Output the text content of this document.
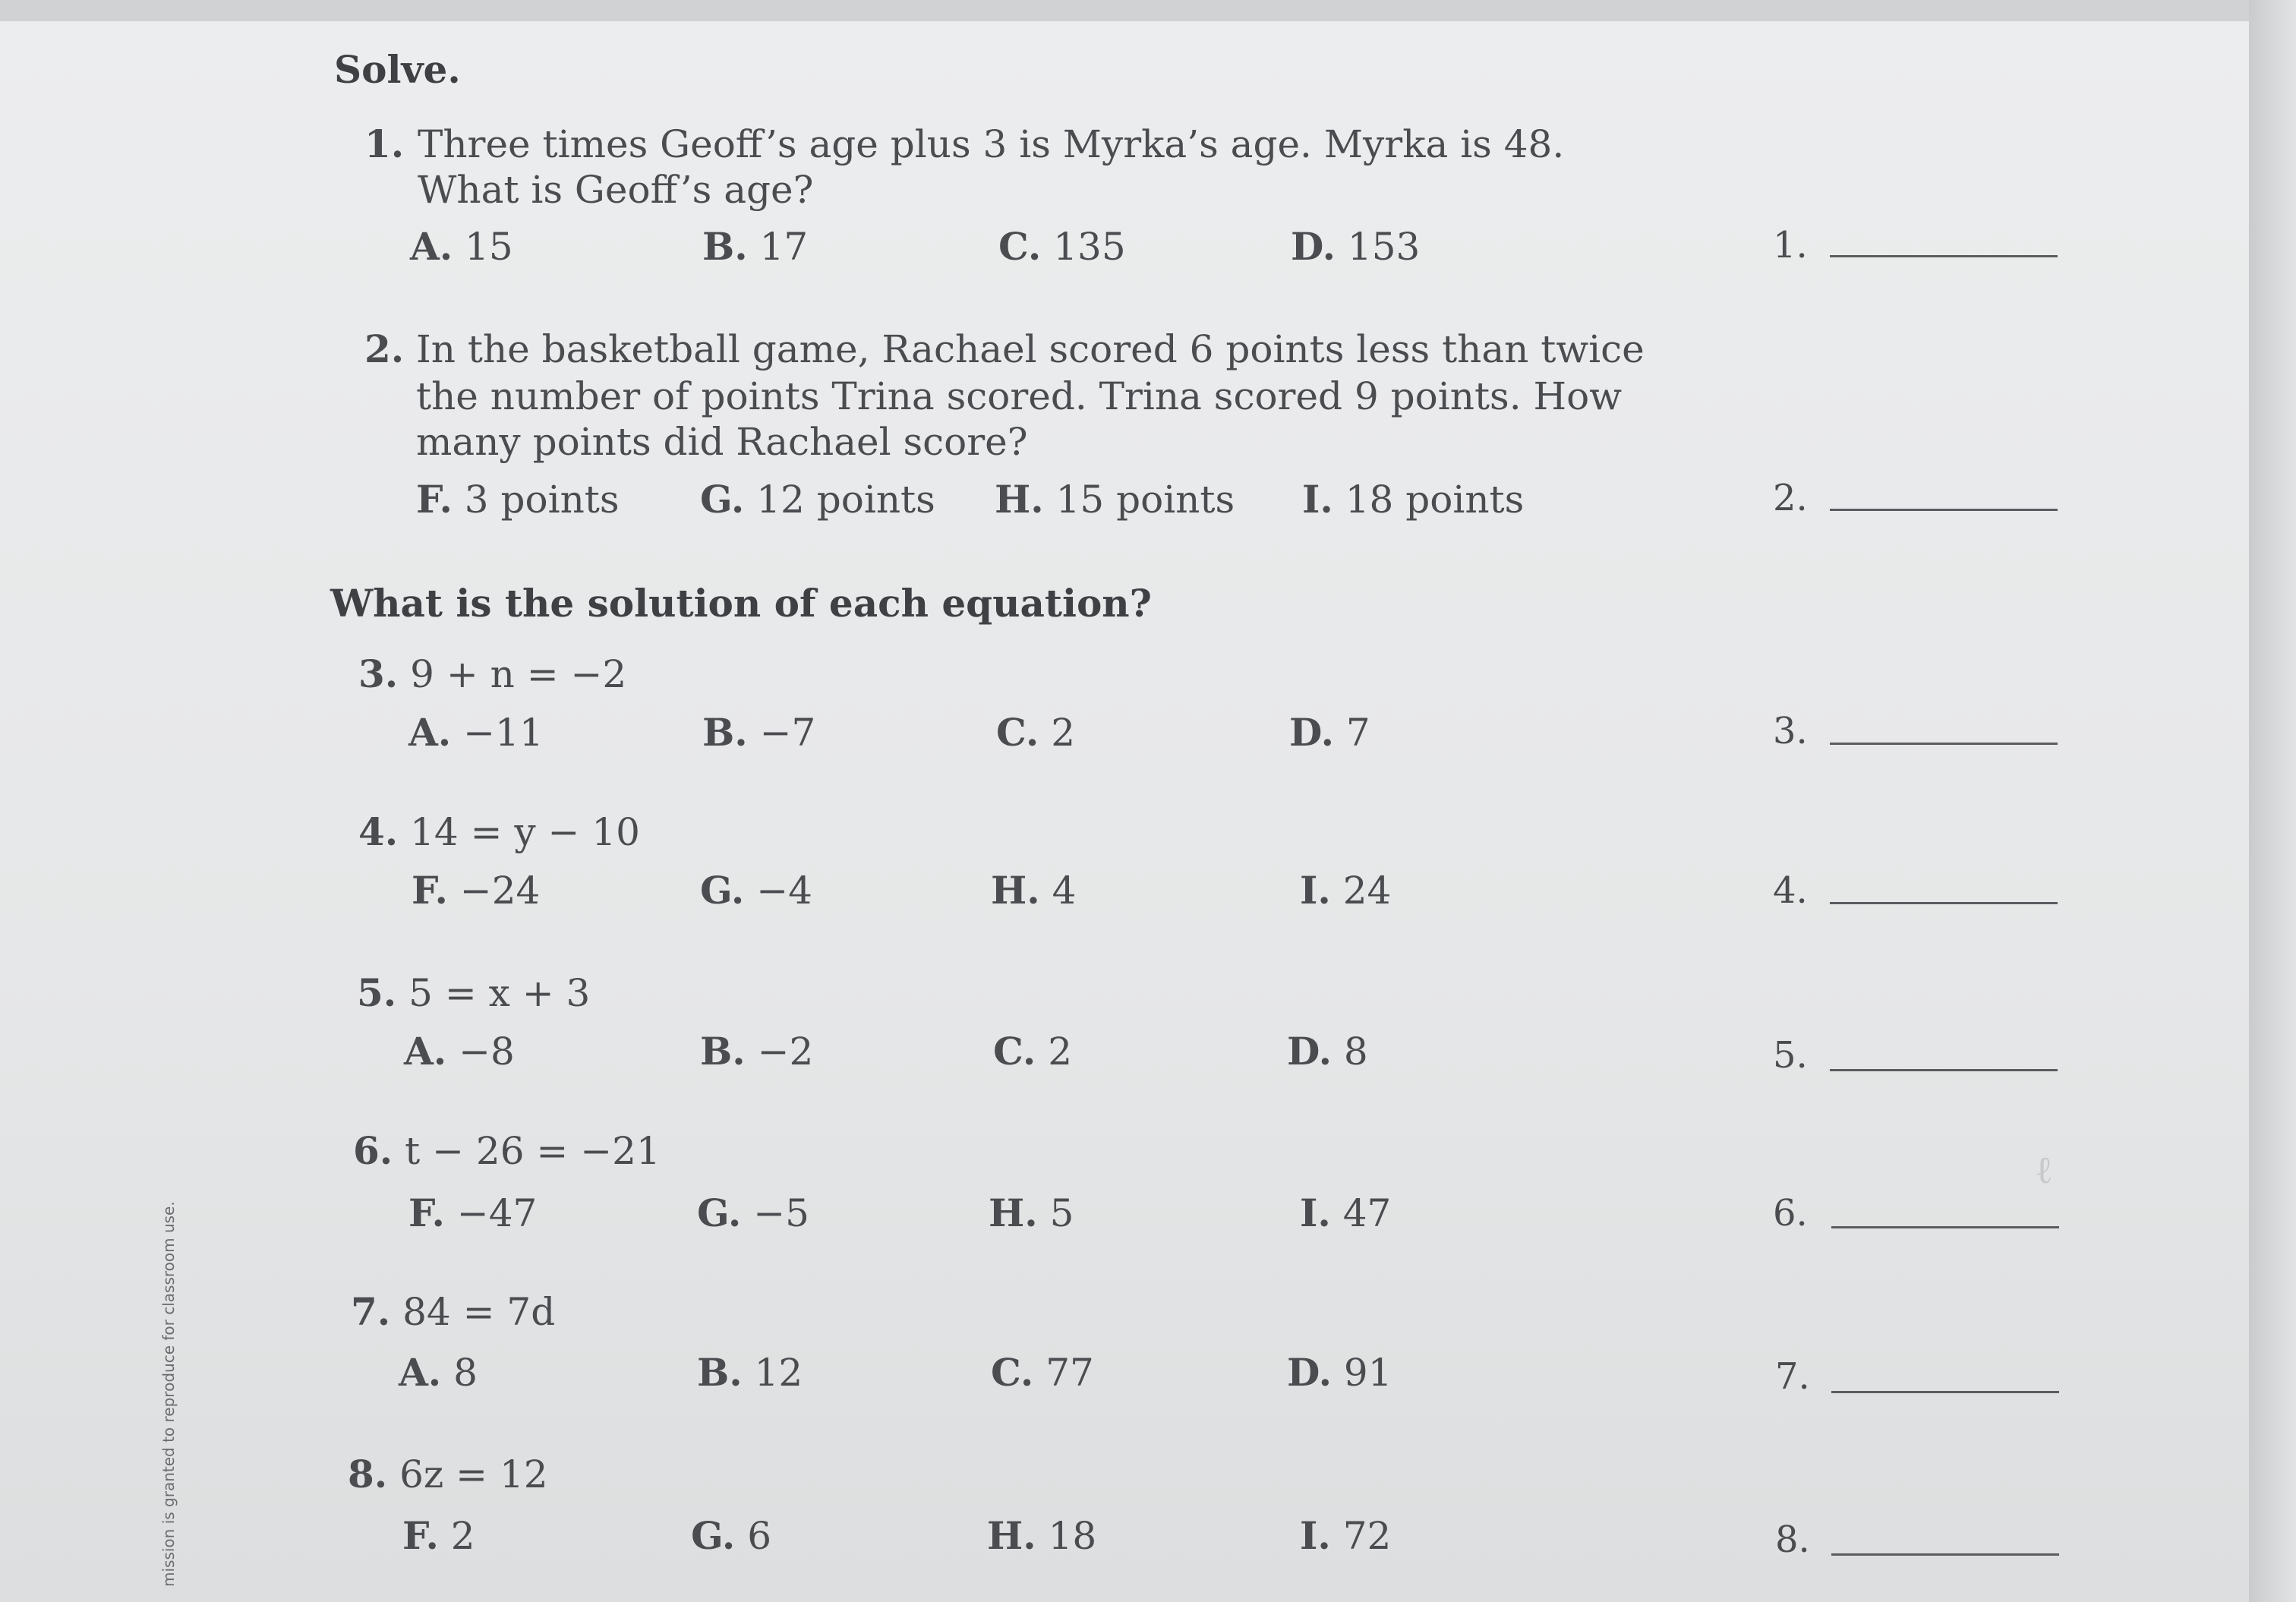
Solve.
1. Three times Geoff’s age plus 3 is Myrka’s age. Myrka is 48.
What is Geoff’s age?
A. 15	B. 17	C. 135	D. 153	1.
2. In the basketball game, Rachael scored 6 points less than twice
the number of points Trina scored. Trina scored 9 points. How
many points did Rachael score?
F. 3 points G. 12 points H. 15 points I. 18 points	2.
What is the solution of each equation?
3. 9 + n = −2
A. −11	B. −7	C. 2	D. 7	3.
4. 14 = y − 10
F. −24	G. −4	H. 4	I. 24	4.
5. 5 = x + 3
A. −8	B. −2	C. 2	D. 8	5.
6. t − 26 = −21
F. −47	G. −5	H. 5	I. 47	6.
7. 84 = 7d
A. 8	B. 12	C. 77	D. 91	7.
8. 6z = 12
F. 2	G. 6	H. 18	I. 72	8.
mission is granted to reproduce for classroom use.
ℓ
